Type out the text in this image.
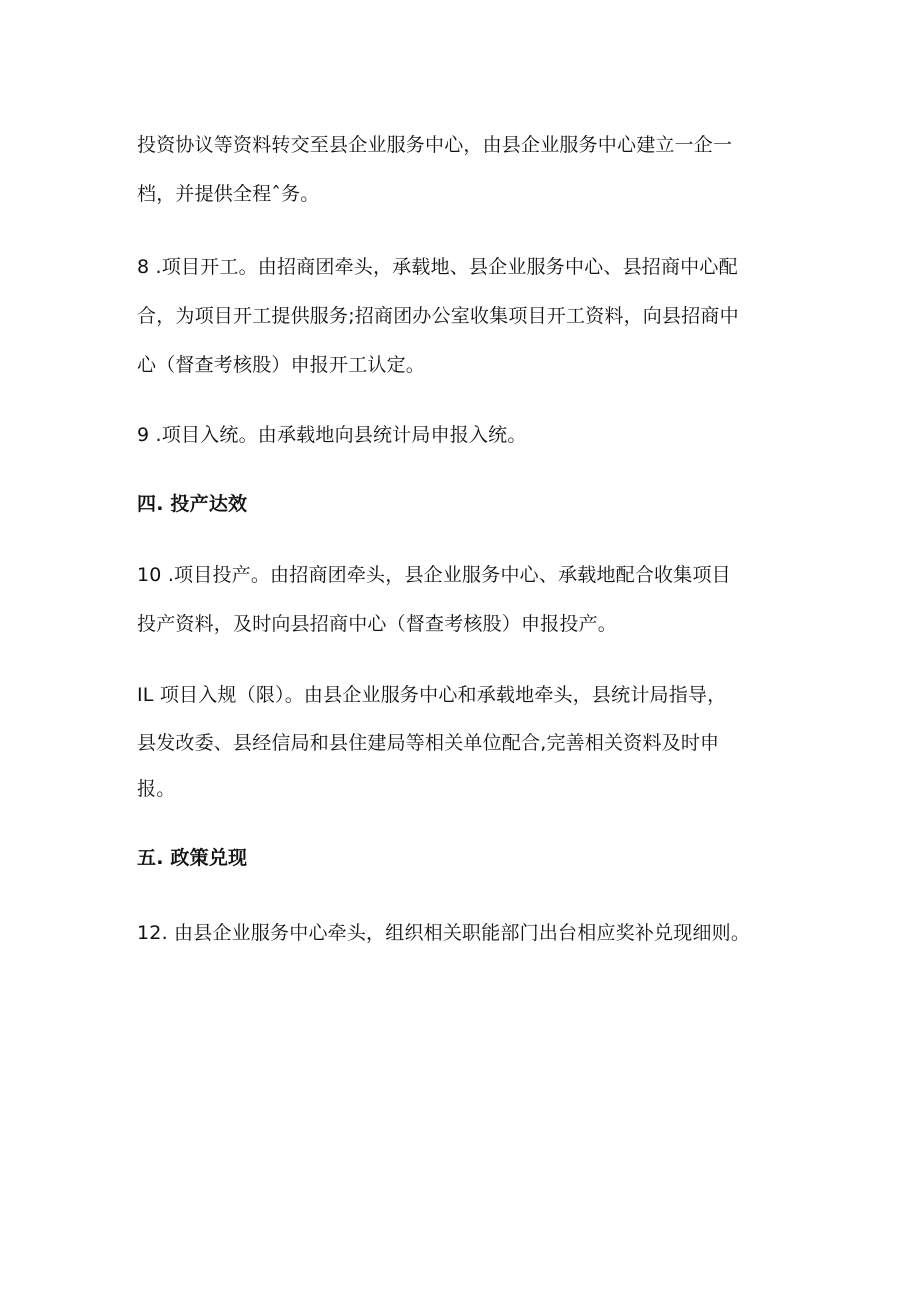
投资协议等资料转交至县企业服务中心，由县企业服务中心建立一企一
档，并提供全程ˆ务。
8 .项目开工。由招商团牵头，承载地、县企业服务中心、县招商中心配
合，为项目开工提供服务;招商团办公室收集项目开工资料，向县招商中
心（督查考核股）申报开工认定。
9 .项目入统。由承载地向县统计局申报入统。
四. 投产达效
10 .项目投产。由招商团牵头，县企业服务中心、承载地配合收集项目
投产资料，及时向县招商中心（督查考核股）申报投产。
IL 项目入规（限）。由县企业服务中心和承载地牵头，县统计局指导，
县发改委、县经信局和县住建局等相关单位配合,完善相关资料及时申
报。
五. 政策兑现
12. 由县企业服务中心牵头，组织相关职能部门出台相应奖补兑现细则。
